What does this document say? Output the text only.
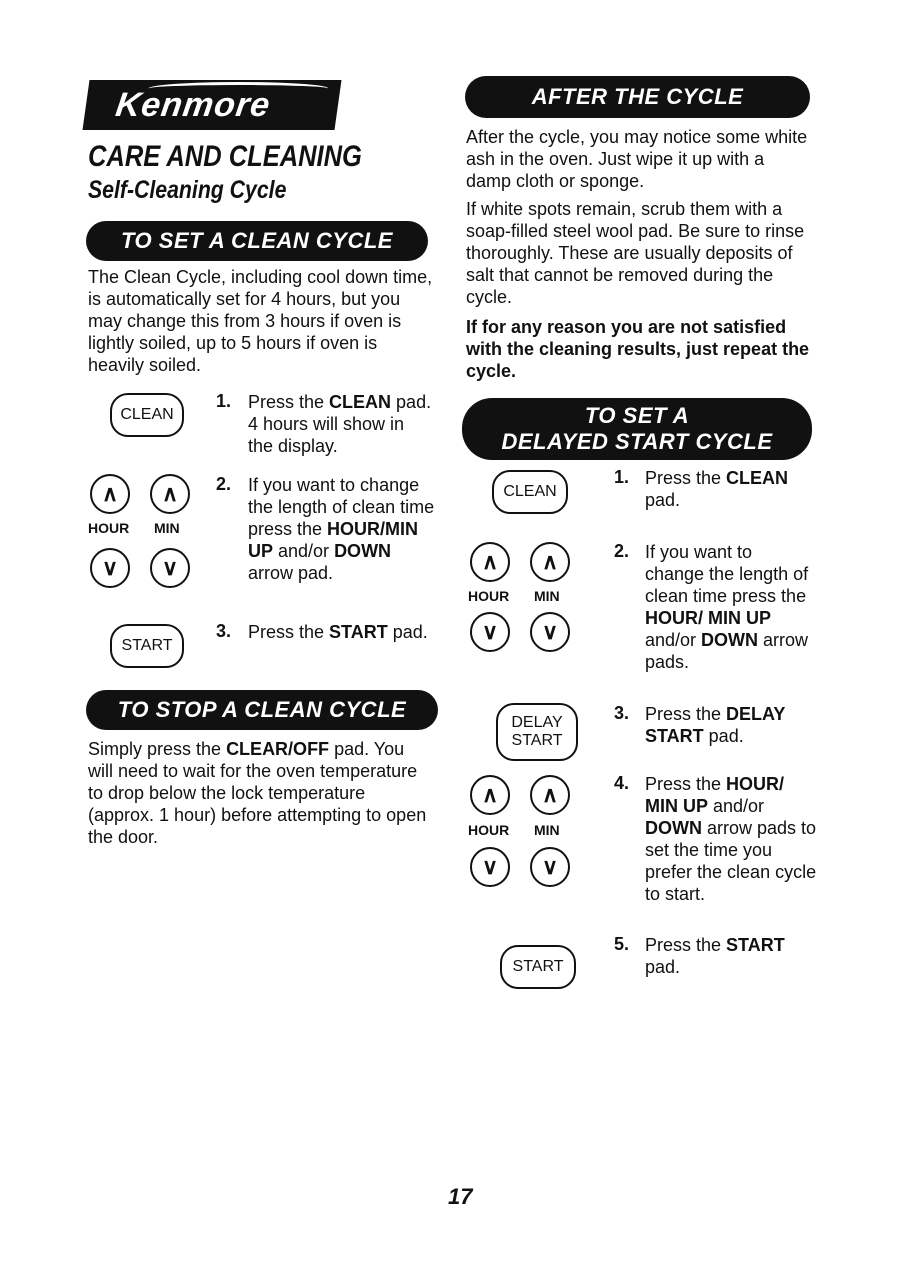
Kenmore
CARE AND CLEANING
Self-Cleaning Cycle
TO SET A CLEAN CYCLE
The Clean Cycle, including cool down time, is automatically set for 4 hours, but you may change this from 3 hours if oven is lightly soiled, up to 5 hours if oven is heavily soiled.
CLEAN
1. Press the CLEAN pad. 4 hours will show in the display.
∧	∧
HOUR MIN
∨	∨
2. If you want to change the length of clean time press the HOUR/MIN UP and/or DOWN arrow pad.
START
3. Press the START pad.
TO STOP A CLEAN CYCLE
Simply press the CLEAR/OFF pad. You will need to wait for the oven temperature to drop below the lock temperature (approx. 1 hour) before attempting to open the door.
AFTER THE CYCLE
After the cycle, you may notice some white ash in the oven. Just wipe it up with a damp cloth or sponge.
If white spots remain, scrub them with a soap-filled steel wool pad. Be sure to rinse thoroughly. These are usually deposits of salt that cannot be removed during the cycle.
If for any reason you are not satisfied with the cleaning results, just repeat the cycle.
TO SET A
DELAYED START CYCLE
CLEAN
1. Press the CLEAN pad.
∧	∧
HOUR MIN
∨	∨
2. If you want to change the length of clean time press the HOUR/ MIN UP and/or DOWN arrow pads.
DELAY
START
3. Press the DELAY START pad.
∧	∧
HOUR MIN
∨	∨
4. Press the HOUR/ MIN UP and/or DOWN arrow pads to set the time you prefer the clean cycle to start.
START
5. Press the START pad.
17
